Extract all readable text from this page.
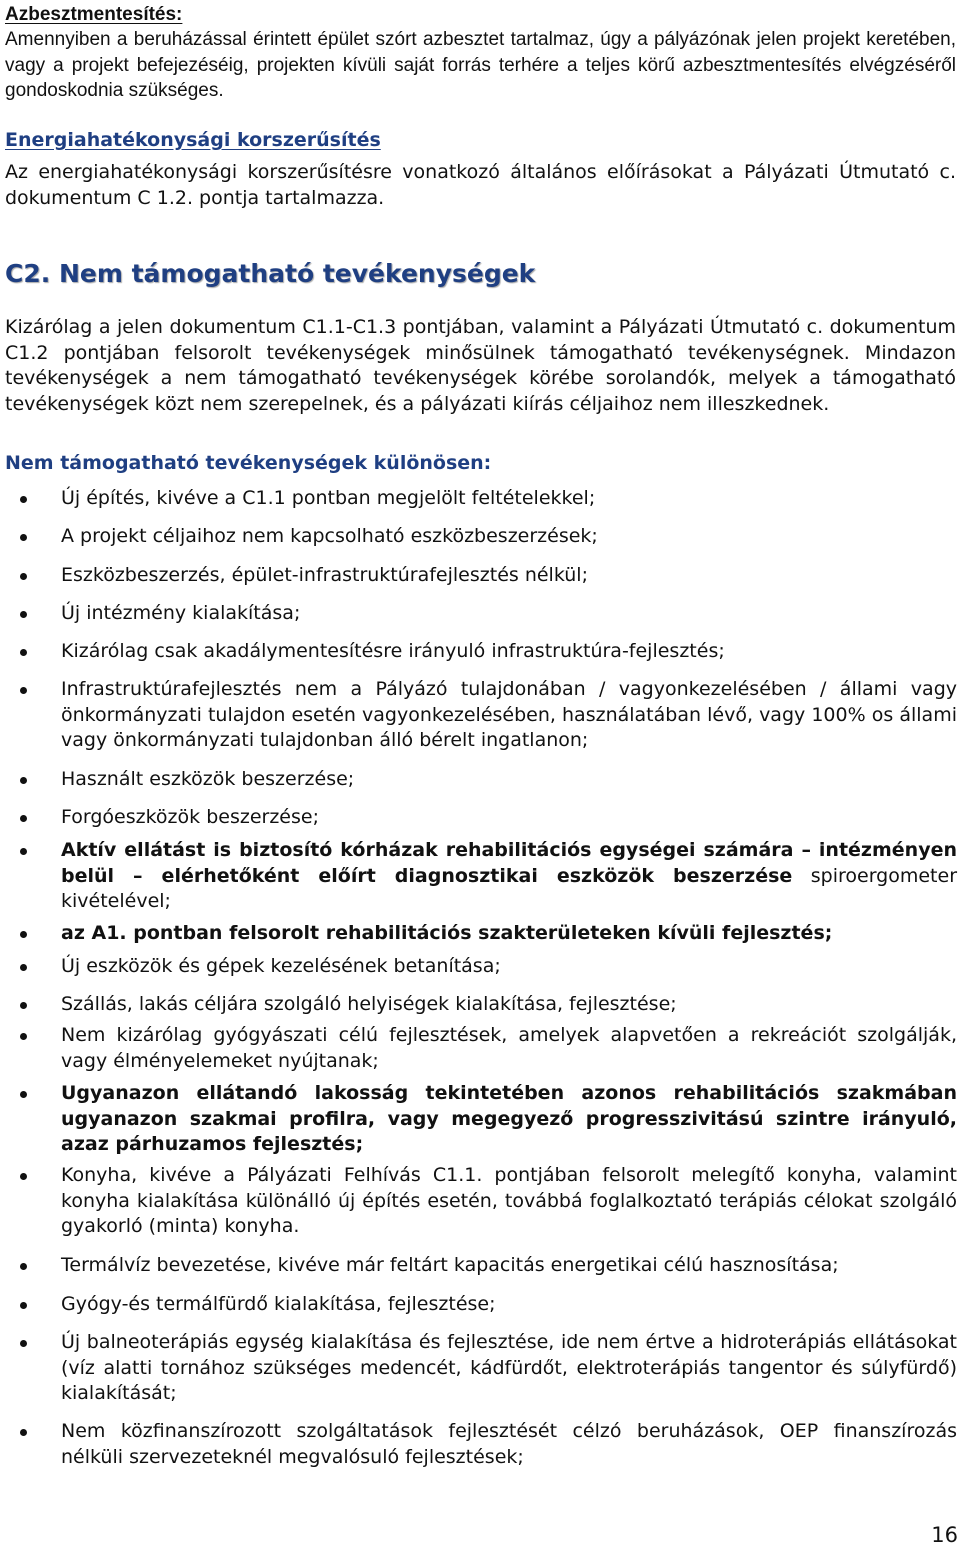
Azbesztmentesítés:

Amennyiben a beruházással érintett épület szórt azbesztet tartalmaz, úgy a pályázónak jelen projekt keretében, vagy a projekt befejezéséig, projekten kívüli saját forrás terhére a teljes körű azbesztmentesítés elvégzéséről gondoskodnia szükséges.

Energiahatékonysági korszerűsítés

Az energiahatékonysági korszerűsítésre vonatkozó általános előírásokat a Pályázati Útmutató c. dokumentum C 1.2. pontja tartalmazza.

C2. Nem támogatható tevékenységek

Kizárólag a jelen dokumentum C1.1-C1.3 pontjában, valamint a Pályázati Útmutató c. dokumentum C1.2 pontjában felsorolt tevékenységek minősülnek támogatható tevékenységnek. Mindazon tevékenységek a nem támogatható tevékenységek körébe sorolandók, melyek a támogatható tevékenységek közt nem szerepelnek, és a pályázati kiírás céljaihoz nem illeszkednek.

Nem támogatható tevékenységek különösen:

Új építés, kivéve a C1.1 pontban megjelölt feltételekkel;

A projekt céljaihoz nem kapcsolható eszközbeszerzések;

Eszközbeszerzés, épület-infrastruktúrafejlesztés nélkül;

Új intézmény kialakítása;

Kizárólag csak akadálymentesítésre irányuló infrastruktúra-fejlesztés;

Infrastruktúrafejlesztés nem a Pályázó tulajdonában / vagyonkezelésében / állami vagy önkormányzati tulajdon esetén vagyonkezelésében, használatában lévő, vagy 100% os állami vagy önkormányzati tulajdonban álló bérelt ingatlanon;

Használt eszközök beszerzése;

Forgóeszközök beszerzése;

Aktív ellátást is biztosító kórházak rehabilitációs egységei számára – intézményen belül – elérhetőként előírt diagnosztikai eszközök beszerzése spiroergometer kivételével;

az A1. pontban felsorolt rehabilitációs szakterületeken kívüli fejlesztés;

Új eszközök és gépek kezelésének betanítása;

Szállás, lakás céljára szolgáló helyiségek kialakítása, fejlesztése;

Nem kizárólag gyógyászati célú fejlesztések, amelyek alapvetően a rekreációt szolgálják, vagy élményelemeket nyújtanak;

Ugyanazon ellátandó lakosság tekintetében azonos rehabilitációs szakmában ugyanazon szakmai profilra, vagy megegyező progresszivitású szintre irányuló, azaz párhuzamos fejlesztés;

Konyha, kivéve a Pályázati Felhívás C1.1. pontjában felsorolt melegítő konyha, valamint konyha kialakítása különálló új építés esetén, továbbá foglalkoztató terápiás célokat szolgáló gyakorló (minta) konyha.

Termálvíz bevezetése, kivéve már feltárt kapacitás energetikai célú hasznosítása;

Gyógy-és termálfürdő kialakítása, fejlesztése;

Új balneoterápiás egység kialakítása és fejlesztése, ide nem értve a hidroterápiás ellátásokat (víz alatti tornához szükséges medencét, kádfürdőt, elektroterápiás tangentor és súlyfürdő) kialakítását;

Nem közfinanszírozott szolgáltatások fejlesztését célzó beruházások, OEP finanszírozás nélküli szervezeteknél megvalósuló fejlesztések;

16
